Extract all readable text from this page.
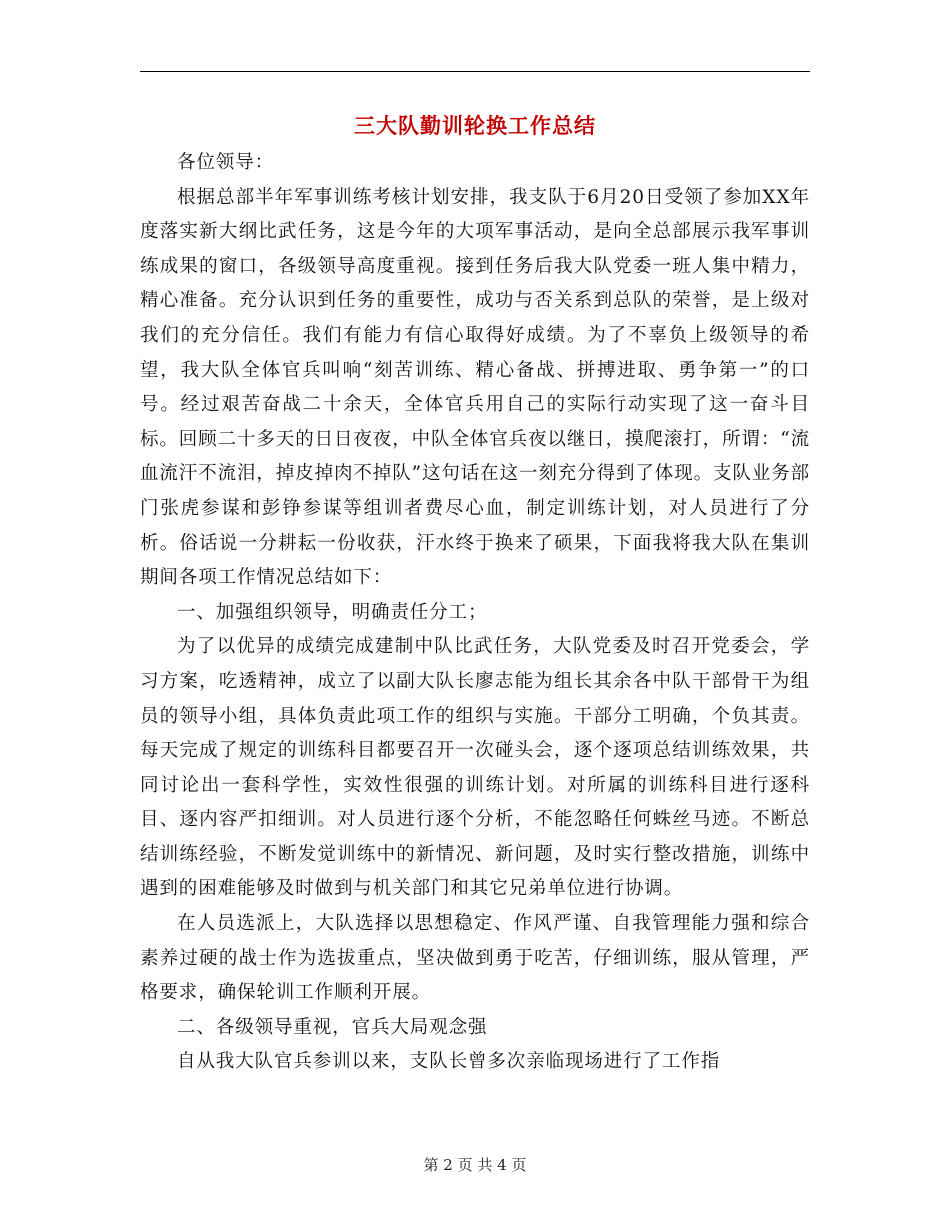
三大队勤训轮换工作总结

各位领导：

根据总部半年军事训练考核计划安排，我支队于6月20日受领了参加XX年度落实新大纲比武任务，这是今年的大项军事活动，是向全总部展示我军事训练成果的窗口，各级领导高度重视。接到任务后我大队党委一班人集中精力，精心准备。充分认识到任务的重要性，成功与否关系到总队的荣誉，是上级对我们的充分信任。我们有能力有信心取得好成绩。为了不辜负上级领导的希望，我大队全体官兵叫响“刻苦训练、精心备战、拼搏进取、勇争第一”的口号。经过艰苦奋战二十余天，全体官兵用自己的实际行动实现了这一奋斗目标。回顾二十多天的日日夜夜，中队全体官兵夜以继日，摸爬滚打，所谓：“流血流汗不流泪，掉皮掉肉不掉队”这句话在这一刻充分得到了体现。支队业务部门张虎参谋和彭铮参谋等组训者费尽心血，制定训练计划，对人员进行了分析。俗话说一分耕耘一份收获，汗水终于换来了硕果，下面我将我大队在集训期间各项工作情况总结如下：

一、加强组织领导，明确责任分工；

为了以优异的成绩完成建制中队比武任务，大队党委及时召开党委会，学习方案，吃透精神，成立了以副大队长廖志能为组长其余各中队干部骨干为组员的领导小组，具体负责此项工作的组织与实施。干部分工明确，个负其责。每天完成了规定的训练科目都要召开一次碰头会，逐个逐项总结训练效果，共同讨论出一套科学性，实效性很强的训练计划。对所属的训练科目进行逐科目、逐内容严扣细训。对人员进行逐个分析，不能忽略任何蛛丝马迹。不断总结训练经验，不断发觉训练中的新情况、新问题，及时实行整改措施，训练中遇到的困难能够及时做到与机关部门和其它兄弟单位进行协调。

在人员选派上，大队选择以思想稳定、作风严谨、自我管理能力强和综合素养过硬的战士作为选拔重点，坚决做到勇于吃苦，仔细训练，服从管理，严格要求，确保轮训工作顺利开展。

二、各级领导重视，官兵大局观念强

自从我大队官兵参训以来，支队长曾多次亲临现场进行了工作指

第 2 页 共 4 页
